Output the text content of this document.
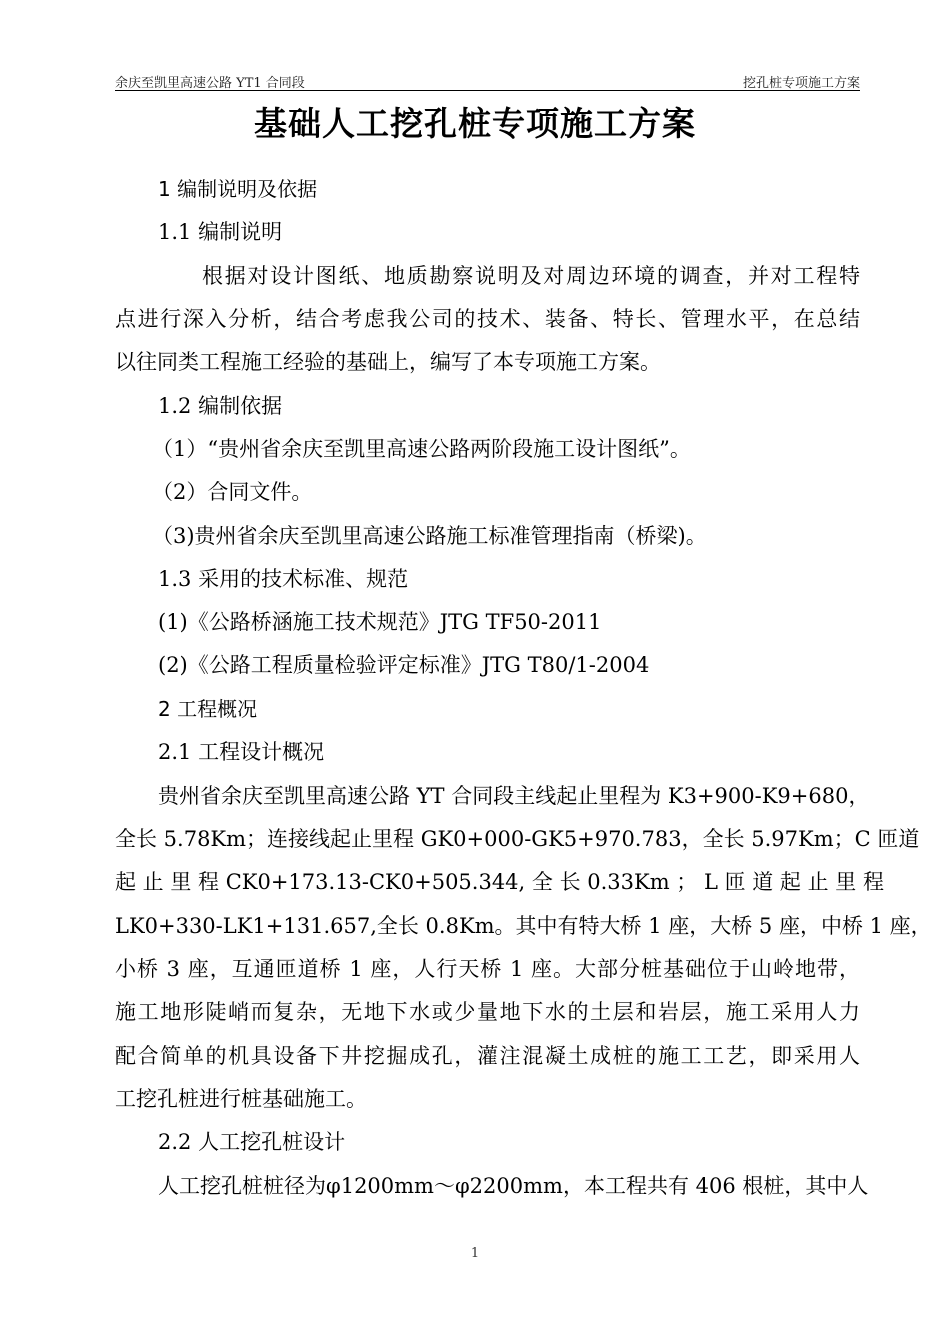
余庆至凯里高速公路 YT1 合同段	挖孔桩专项施工方案
基础人工挖孔桩专项施工方案
1 编制说明及依据
1.1 编制说明
根据对设计图纸、地质勘察说明及对周边环境的调查，并对工程特
点进行深入分析，结合考虑我公司的技术、装备、特长、管理水平，在总结
以往同类工程施工经验的基础上，编写了本专项施工方案。
1.2 编制依据
（1）“贵州省余庆至凯里高速公路两阶段施工设计图纸”。
（2）合同文件。
（3)贵州省余庆至凯里高速公路施工标准管理指南（桥梁)。
1.3 采用的技术标准、规范
(1)《公路桥涵施工技术规范》JTG TF50-2011
(2)《公路工程质量检验评定标准》JTG T80/1-2004
2 工程概况
2.1 工程设计概况
贵州省余庆至凯里高速公路 YT 合同段主线起止里程为 K3+900-K9+680，
全长 5.78Km；连接线起止里程 GK0+000-GK5+970.783，全长 5.97Km；C 匝道
起 止 里 程 CK0+173.13-CK0+505.344, 全 长 0.33Km ； L 匝 道 起 止 里 程
LK0+330-LK1+131.657,全长 0.8Km。其中有特大桥 1 座，大桥 5 座，中桥 1 座，
小桥 3 座，互通匝道桥 1 座，人行天桥 1 座。大部分桩基础位于山岭地带，
施工地形陡峭而复杂，无地下水或少量地下水的土层和岩层，施工采用人力
配合简单的机具设备下井挖掘成孔，灌注混凝土成桩的施工工艺，即采用人
工挖孔桩进行桩基础施工。
2.2 人工挖孔桩设计
人工挖孔桩桩径为φ1200mm～φ2200mm，本工程共有 406 根桩，其中人
1
